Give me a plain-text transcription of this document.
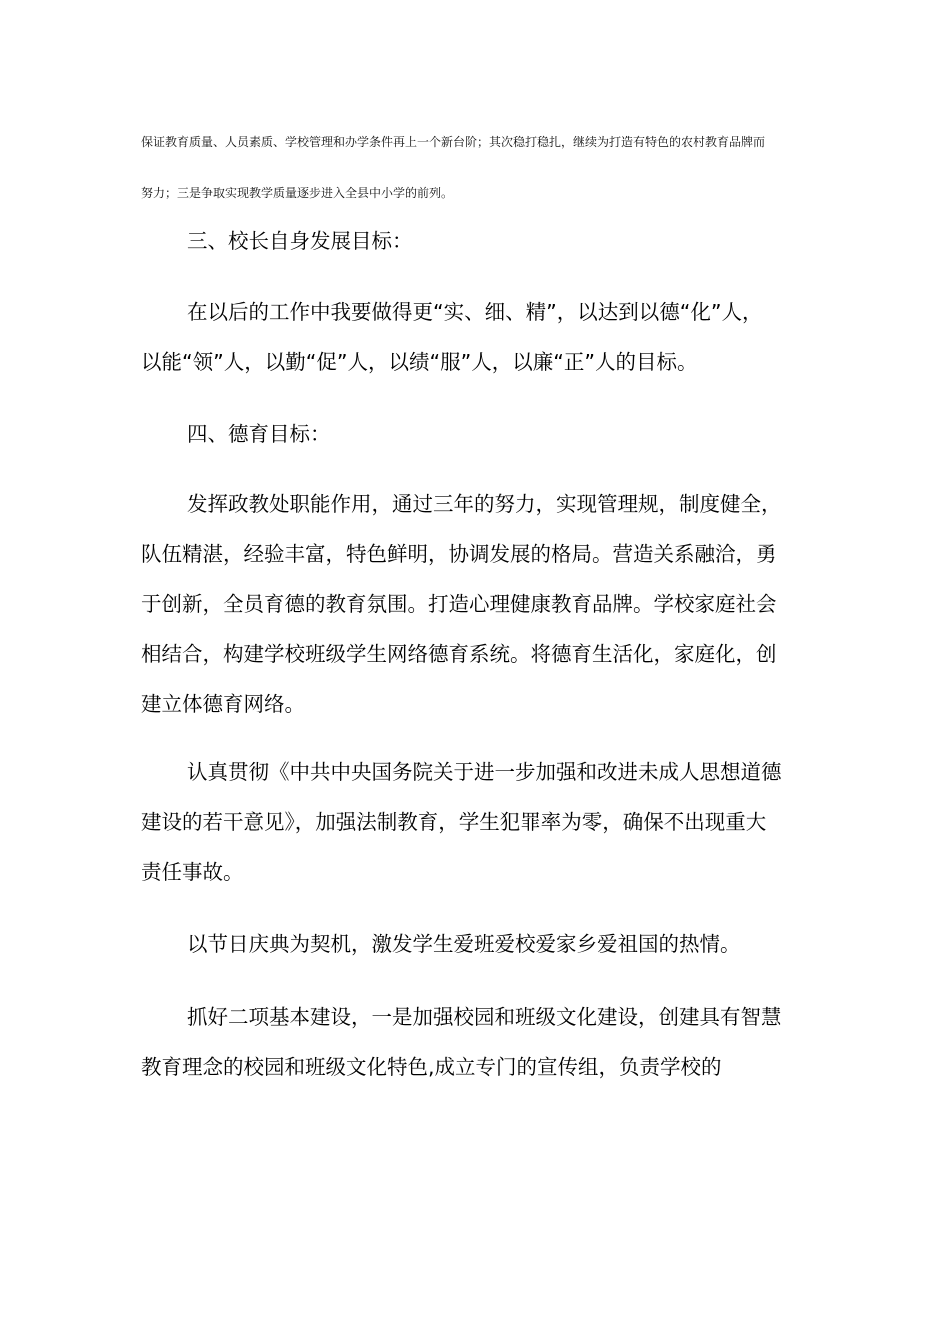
保证教育质量、人员素质、学校管理和办学条件再上一个新台阶；其次稳打稳扎，继续为打造有特色的农村教育品牌而
努力；三是争取实现教学质量逐步进入全县中小学的前列。
三、校长自身发展目标：
在以后的工作中我要做得更“实、细、精”，以达到以德“化”人，
以能“领”人，以勤“促”人，以绩“服”人，以廉“正”人的目标。
四、德育目标：
发挥政教处职能作用，通过三年的努力，实现管理规，制度健全，
队伍精湛，经验丰富，特色鲜明，协调发展的格局。营造关系融洽，勇
于创新，全员育德的教育氛围。打造心理健康教育品牌。学校家庭社会
相结合，构建学校班级学生网络德育系统。将德育生活化，家庭化，创
建立体德育网络。
认真贯彻《中共中央国务院关于进一步加强和改进未成人思想道德
建设的若干意见》，加强法制教育，学生犯罪率为零，确保不出现重大
责任事故。
以节日庆典为契机，激发学生爱班爱校爱家乡爱祖国的热情。
抓好二项基本建设，一是加强校园和班级文化建设，创建具有智慧
教育理念的校园和班级文化特色,成立专门的宣传组，负责学校的
